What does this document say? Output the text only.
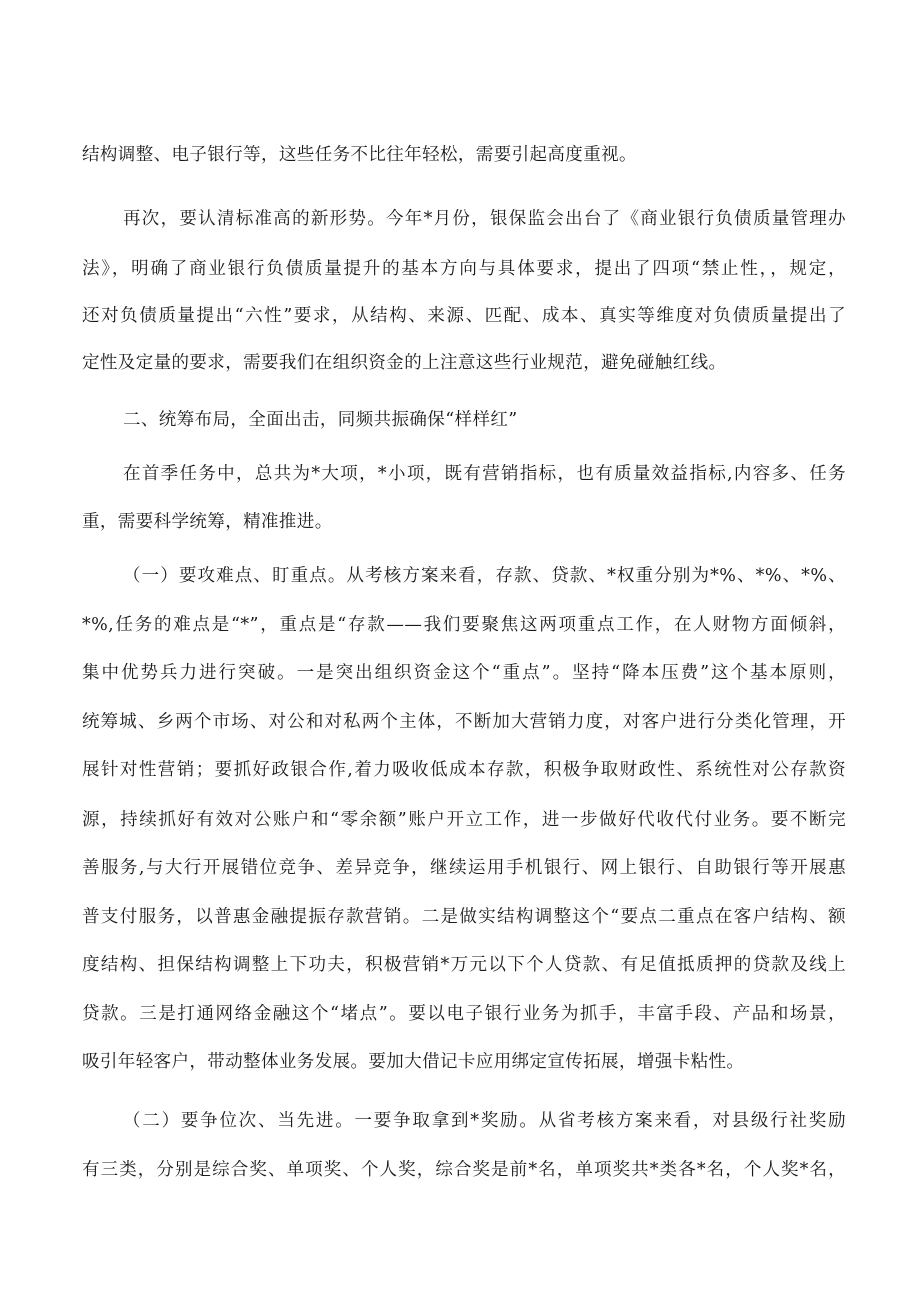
结构调整、电子银行等，这些任务不比往年轻松，需要引起高度重视。

再次，要认清标准高的新形势。今年*月份，银保监会出台了《商业银行负债质量管理办

法》，明确了商业银行负债质量提升的基本方向与具体要求，提出了四项“禁止性，，规定，

还对负债质量提出“六性”要求，从结构、来源、匹配、成本、真实等维度对负债质量提出了

定性及定量的要求，需要我们在组织资金的上注意这些行业规范，避免碰触红线。

二、统筹布局，全面出击，同频共振确保“样样红”

在首季任务中，总共为*大项，*小项，既有营销指标，也有质量效益指标,内容多、任务

重，需要科学统筹，精准推进。

（一）要攻难点、盯重点。从考核方案来看，存款、贷款、*权重分别为*%、*%、*%、

*%,任务的难点是“*”，重点是“存款——我们要聚焦这两项重点工作，在人财物方面倾斜，

集中优势兵力进行突破。一是突出组织资金这个“重点”。坚持“降本压费”这个基本原则，

统筹城、乡两个市场、对公和对私两个主体，不断加大营销力度，对客户进行分类化管理，开

展针对性营销；要抓好政银合作,着力吸收低成本存款，积极争取财政性、系统性对公存款资

源，持续抓好有效对公账户和“零余额”账户开立工作，进一步做好代收代付业务。要不断完

善服务,与大行开展错位竞争、差异竞争，继续运用手机银行、网上银行、自助银行等开展惠

普支付服务，以普惠金融提振存款营销。二是做实结构调整这个“要点二重点在客户结构、额

度结构、担保结构调整上下功夫，积极营销*万元以下个人贷款、有足值抵质押的贷款及线上

贷款。三是打通网络金融这个“堵点”。要以电子银行业务为抓手，丰富手段、产品和场景，

吸引年轻客户，带动整体业务发展。要加大借记卡应用绑定宣传拓展，增强卡粘性。

（二）要争位次、当先进。一要争取拿到*奖励。从省考核方案来看，对县级行社奖励

有三类，分别是综合奖、单项奖、个人奖，综合奖是前*名，单项奖共*类各*名，个人奖*名，
